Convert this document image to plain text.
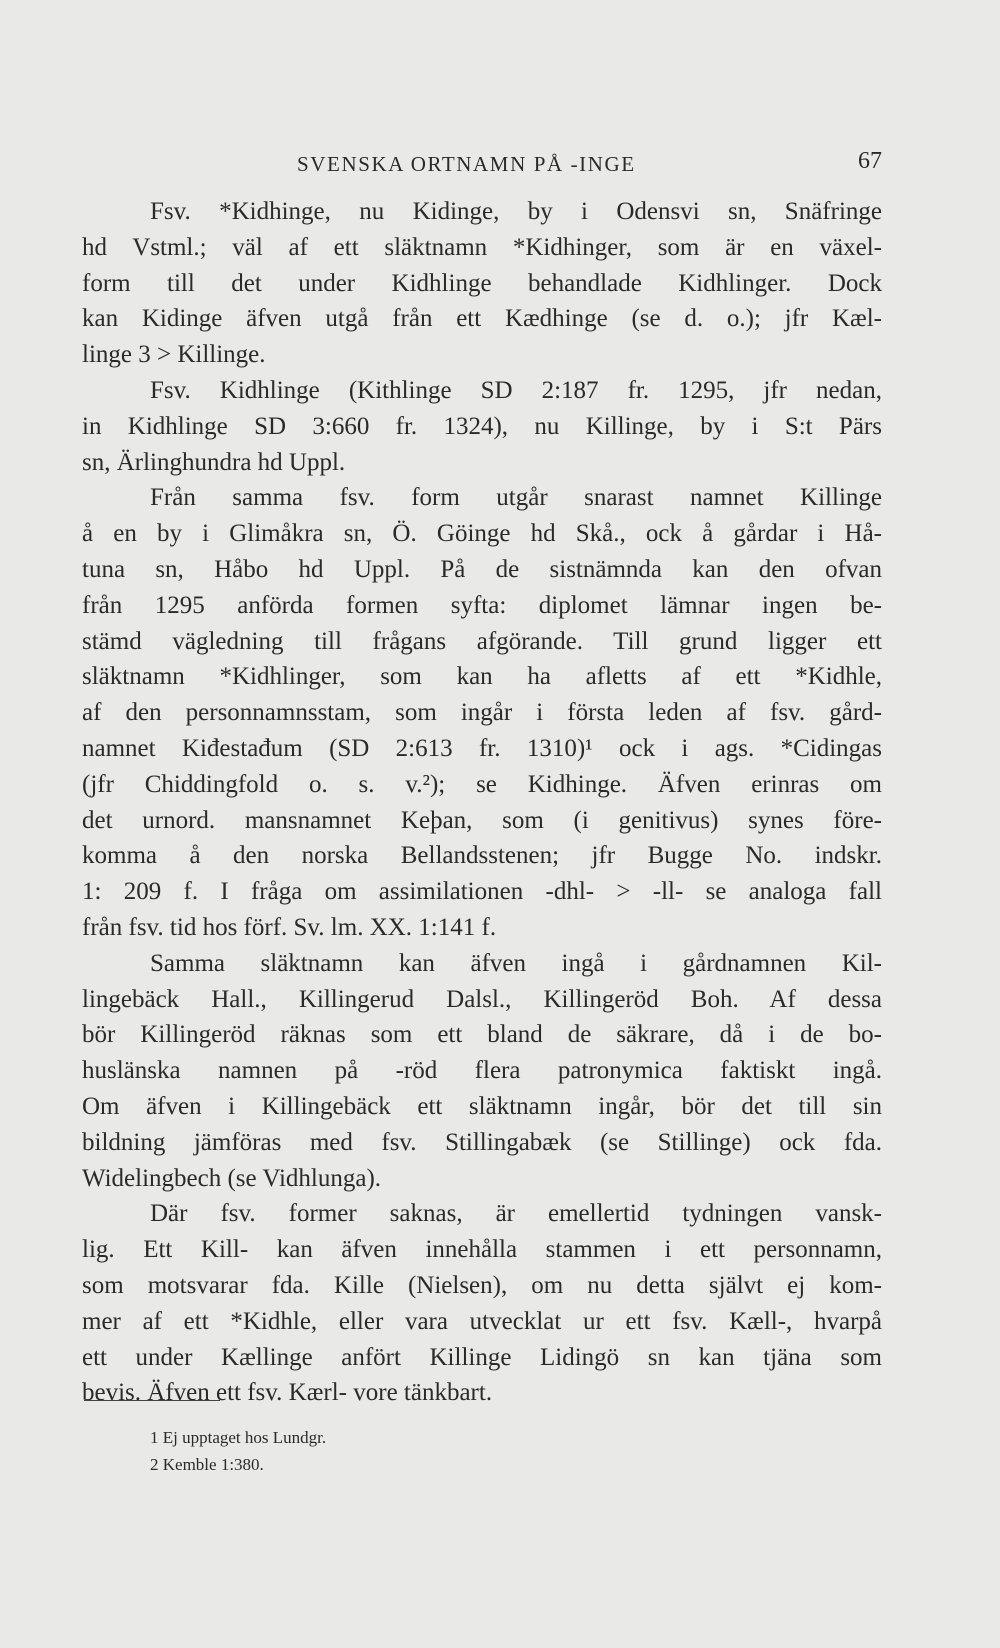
SVENSKA ORTNAMN PÅ -INGE	67
Fsv. *Kidhinge, nu Kidinge, by i Odensvi sn, Snäfringe
hd Vstml.; väl af ett släktnamn *Kidhinger, som är en växel-
form till det under Kidhlinge behandlade Kidhlinger. Dock
kan Kidinge äfven utgå från ett Kædhinge (se d. o.); jfr Kæl-
linge 3 > Killinge.
Fsv. Kidhlinge (Kithlinge SD 2:187 fr. 1295, jfr nedan,
in Kidhlinge SD 3:660 fr. 1324), nu Killinge, by i S:t Pärs
sn, Ärlinghundra hd Uppl.
Från samma fsv. form utgår snarast namnet Killinge
å en by i Glimåkra sn, Ö. Göinge hd Skå., ock å gårdar i Hå-
tuna sn, Håbo hd Uppl. På de sistnämnda kan den ofvan
från 1295 anförda formen syfta: diplomet lämnar ingen be-
stämd vägledning till frågans afgörande. Till grund ligger ett
släktnamn *Kidhlinger, som kan ha afletts af ett *Kidhle,
af den personnamnsstam, som ingår i första leden af fsv. gård-
namnet Kiđestađum (SD 2:613 fr. 1310)¹ ock i ags. *Cidingas
(jfr Chiddingfold o. s. v.²); se Kidhinge. Äfven erinras om
det urnord. mansnamnet Keþan, som (i genitivus) synes före-
komma å den norska Bellandsstenen; jfr Bugge No. indskr.
1: 209 f. I fråga om assimilationen -dhl- > -ll- se analoga fall
från fsv. tid hos förf. Sv. lm. XX. 1:141 f.
Samma släktnamn kan äfven ingå i gårdnamnen Kil-
lingebäck Hall., Killingerud Dalsl., Killingeröd Boh. Af dessa
bör Killingeröd räknas som ett bland de säkrare, då i de bo-
huslänska namnen på -röd flera patronymica faktiskt ingå.
Om äfven i Killingebäck ett släktnamn ingår, bör det till sin
bildning jämföras med fsv. Stillingabæk (se Stillinge) ock fda.
Widelingbech (se Vidhlunga).
Där fsv. former saknas, är emellertid tydningen vansk-
lig. Ett Kill- kan äfven innehålla stammen i ett personnamn,
som motsvarar fda. Kille (Nielsen), om nu detta självt ej kom-
mer af ett *Kidhle, eller vara utvecklat ur ett fsv. Kæll-, hvarpå
ett under Kællinge anfört Killinge Lidingö sn kan tjäna som
bevis. Äfven ett fsv. Kærl- vore tänkbart.
1 Ej upptaget hos Lundgr.
2 Kemble 1:380.
